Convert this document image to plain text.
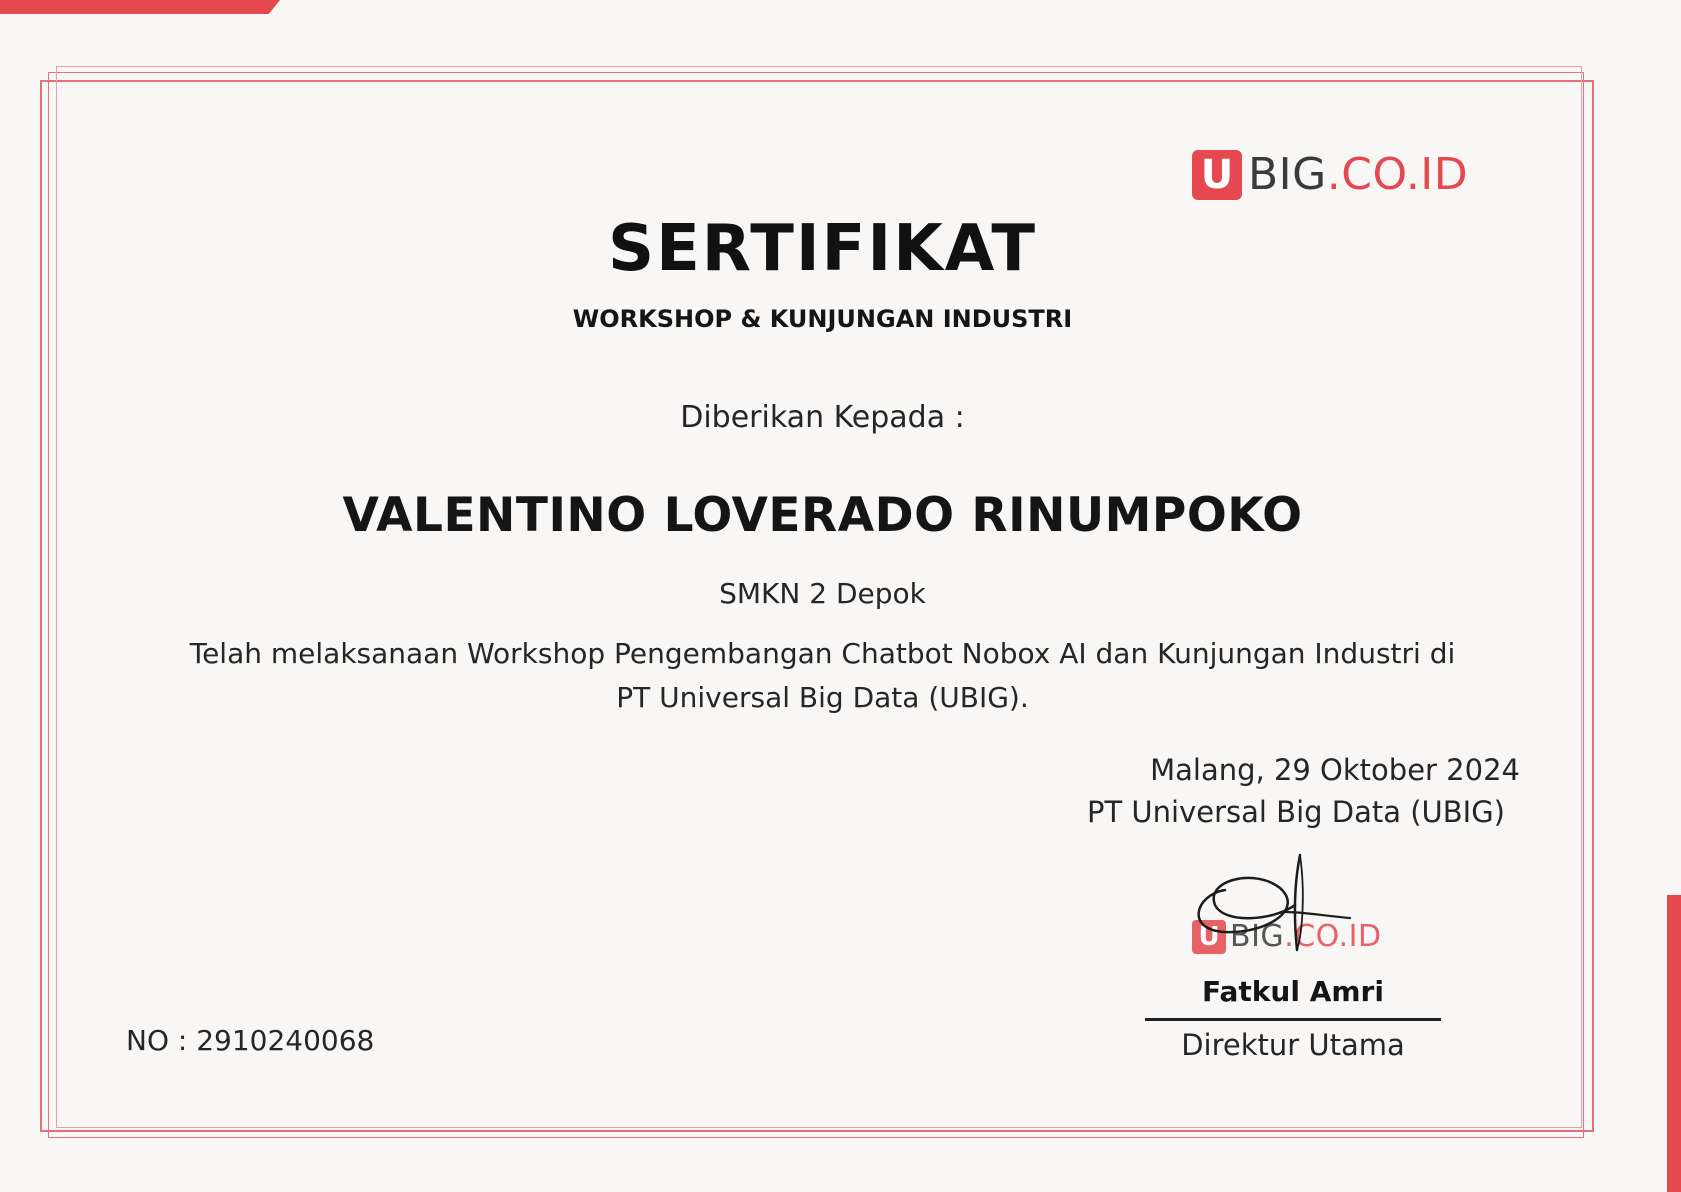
U BIG.CO.ID
SERTIFIKAT
WORKSHOP & KUNJUNGAN INDUSTRI
Diberikan Kepada :
VALENTINO LOVERADO RINUMPOKO
SMKN 2 Depok
Telah melaksanaan Workshop Pengembangan Chatbot Nobox AI dan Kunjungan Industri di
PT Universal Big Data (UBIG).
Malang, 29 Oktober 2024
PT Universal Big Data (UBIG)
U BIG.CO.ID
Fatkul Amri
Direktur Utama
NO : 2910240068
